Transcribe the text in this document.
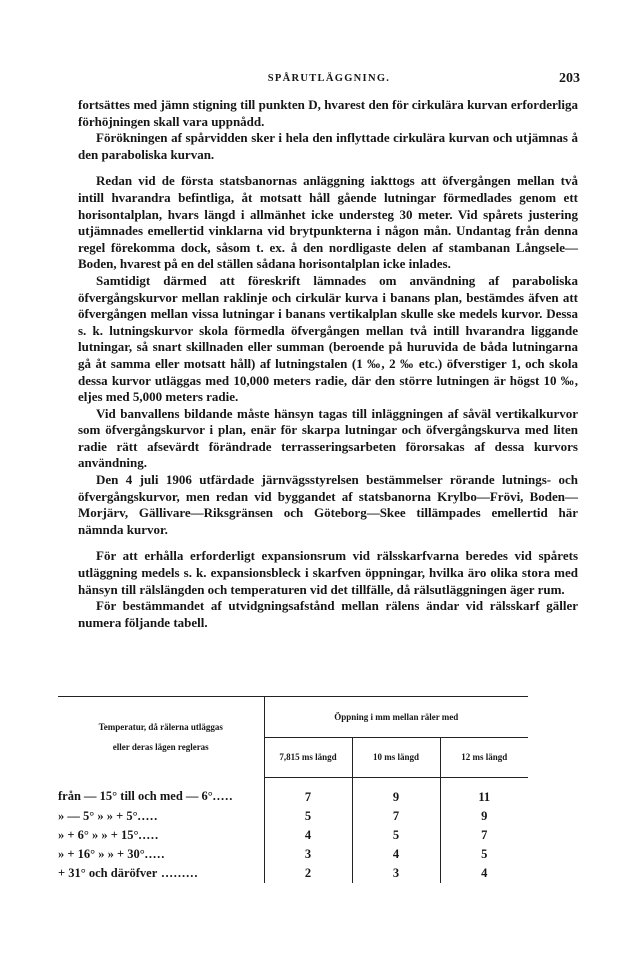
SPÅRUTLÄGGNING.	203

fortsättes med jämn stigning till punkten D, hvarest den för cirkulära kurvan erforderliga förhöjningen skall vara uppnådd.

Förökningen af spårvidden sker i hela den inflyttade cirkulära kurvan och utjämnas å den paraboliska kurvan.

Redan vid de första statsbanornas anläggning iakttogs att öfvergången mellan två intill hvarandra befintliga, åt motsatt håll gående lutningar förmedlades genom ett horisontalplan, hvars längd i allmänhet icke understeg 30 meter. Vid spårets justering utjämnades emellertid vinklarna vid brytpunkterna i någon mån. Undantag från denna regel förekomma dock, såsom t. ex. å den nordligaste delen af stambanan Långsele—Boden, hvarest på en del ställen sådana horisontalplan icke inlades.

Samtidigt därmed att föreskrift lämnades om användning af paraboliska öfvergångskurvor mellan raklinje och cirkulär kurva i banans plan, bestämdes äfven att öfvergången mellan vissa lutningar i banans vertikalplan skulle ske medels kurvor. Dessa s. k. lutningskurvor skola förmedla öfvergången mellan två intill hvarandra liggande lutningar, så snart skillnaden eller summan (beroende på huruvida de båda lutningarna gå åt samma eller motsatt håll) af lutningstalen (1 ‰, 2 ‰ etc.) öfverstiger 1, och skola dessa kurvor utläggas med 10,000 meters radie, där den större lutningen är högst 10 ‰, eljes med 5,000 meters radie.

Vid banvallens bildande måste hänsyn tagas till inläggningen af såväl vertikalkurvor som öfvergångskurvor i plan, enär för skarpa lutningar och öfvergångskurva med liten radie rätt afsevärdt förändrade terrasseringsarbeten förorsakas af dessa kurvors användning.

Den 4 juli 1906 utfärdade järnvägsstyrelsen bestämmelser rörande lutnings- och öfvergångskurvor, men redan vid byggandet af statsbanorna Krylbo—Frövi, Boden—Morjärv, Gällivare—Riksgränsen och Göteborg—Skee tillämpades emellertid här nämnda kurvor.

För att erhålla erforderligt expansionsrum vid rälsskarfvarna beredes vid spårets utläggning medels s. k. expansionsbleck i skarfven öppningar, hvilka äro olika stora med hänsyn till rälslängden och temperaturen vid det tillfälle, då rälsutläggningen äger rum.

För bestämmandet af utvidgningsafstånd mellan rälens ändar vid rälsskarf gäller numera följande tabell.

Temperatur, då rälerna utläggas
eller deras lägen regleras	Öppning i mm mellan räler med		
	7,815 ms längd	10 ms längd	12 ms längd
från — 15° till och med — 6°.....	7	9	11
» — 5° » » + 5°.....	5	7	9
» + 6° » » + 15°.....	4	5	7
» + 16° » » + 30°.....	3	4	5
+ 31° och däröfver .........	2	3	4
